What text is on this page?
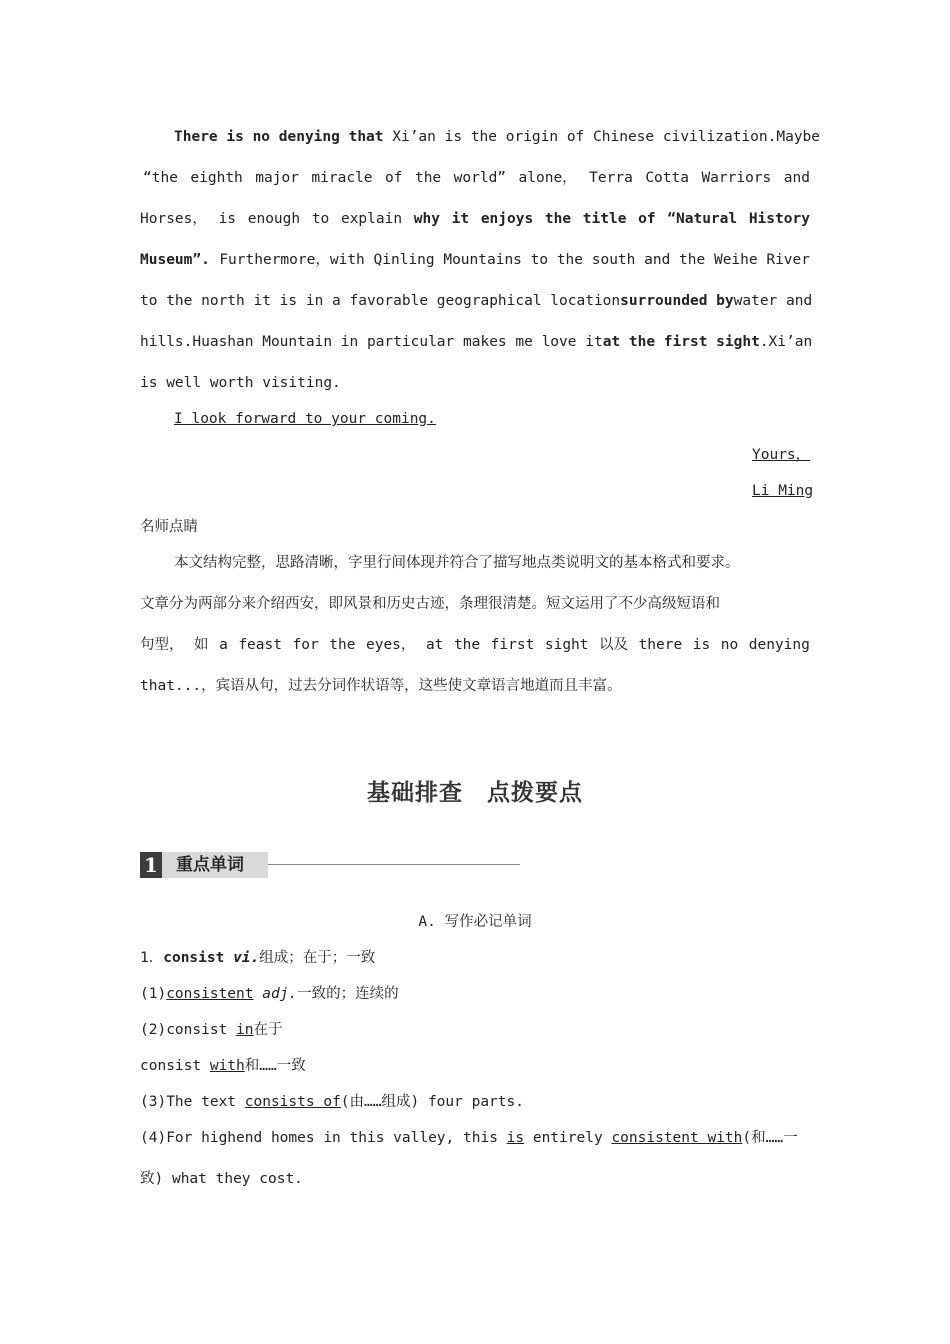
There is no denying that Xi’an is the origin of Chinese civilization.Maybe
“the eighth major miracle of the world” alone， Terra Cotta Warriors and
Horses， is enough to explain why it enjoys the title of “Natural History
Museum”. Furthermore，with Qinling Mountains to the south and the Weihe River
to the north it is in a favorable geographical location surrounded by water and
hills.Huashan Mountain in particular makes me love it at the first sight.Xi’an
is well worth visiting.
I look forward to your coming.
Yours，
Li Ming
名师点睛
本文结构完整，思路清晰，字里行间体现并符合了描写地点类说明文的基本格式和要求。
文章分为两部分来介绍西安，即风景和历史古迹，条理很清楚。短文运用了不少高级短语和
句型， 如 a feast for the eyes， at the first sight 以及 there is no denying
that...，宾语从句，过去分词作状语等，这些使文章语言地道而且丰富。
基础排查　点拨要点
1 重点单词
A. 写作必记单词
1．consist vi.组成；在于；一致
(1)consistent adj.一致的；连续的
(2)consist in在于
consist with和……一致
(3)The text consists of(由……组成) four parts.
(4)For highend homes in this valley, this is entirely consistent with(和……一
致) what they cost.
